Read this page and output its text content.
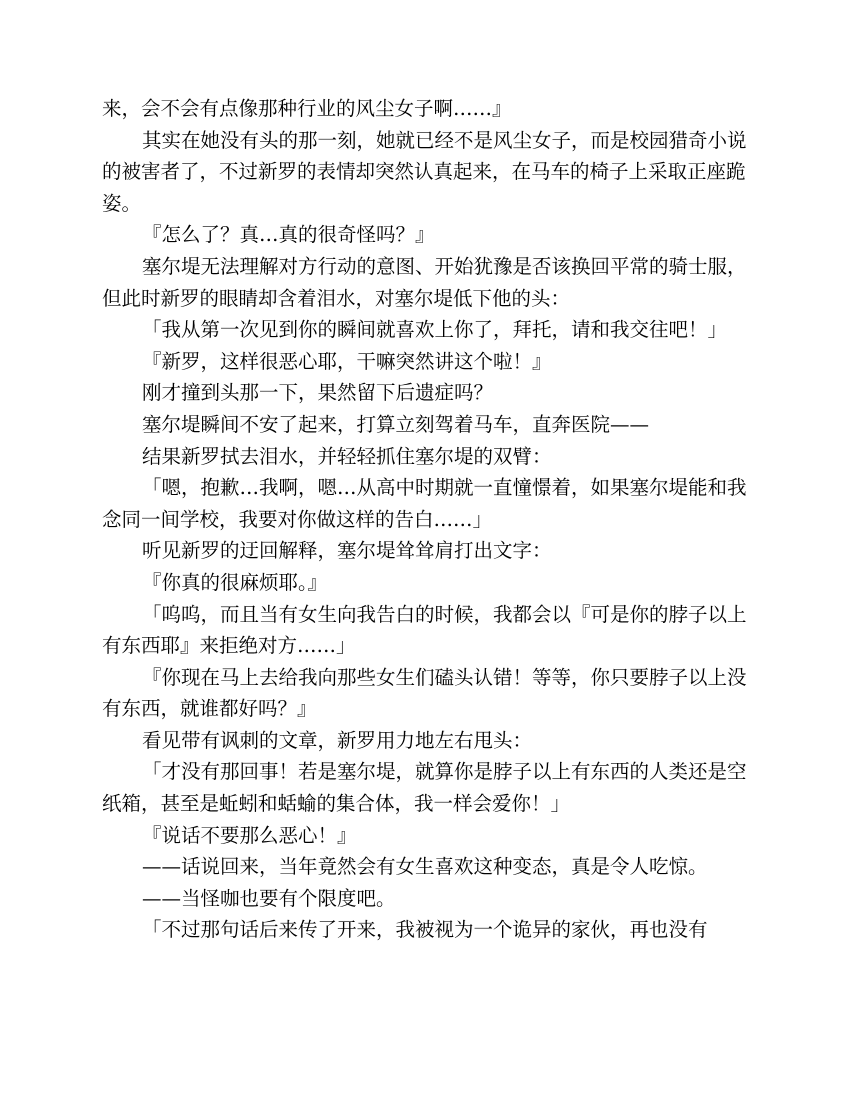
来，会不会有点像那种行业的风尘女子啊……』

其实在她没有头的那一刻，她就已经不是风尘女子，而是校园猎奇小说的被害者了，不过新罗的表情却突然认真起来，在马车的椅子上采取正座跪姿。

『怎么了？真…真的很奇怪吗？』

塞尔堤无法理解对方行动的意图、开始犹豫是否该换回平常的骑士服，但此时新罗的眼睛却含着泪水，对塞尔堤低下他的头：

「我从第一次见到你的瞬间就喜欢上你了，拜托，请和我交往吧！」

『新罗，这样很恶心耶，干嘛突然讲这个啦！』

刚才撞到头那一下，果然留下后遗症吗？

塞尔堤瞬间不安了起来，打算立刻驾着马车，直奔医院——

结果新罗拭去泪水，并轻轻抓住塞尔堤的双臂：

「嗯，抱歉…我啊，嗯…从高中时期就一直憧憬着，如果塞尔堤能和我念同一间学校，我要对你做这样的告白……」

听见新罗的迂回解释，塞尔堤耸耸肩打出文字：

『你真的很麻烦耶。』

「呜呜，而且当有女生向我告白的时候，我都会以『可是你的脖子以上有东西耶』来拒绝对方……」

『你现在马上去给我向那些女生们磕头认错！等等，你只要脖子以上没有东西，就谁都好吗？』

看见带有讽刺的文章，新罗用力地左右甩头：

「才没有那回事！若是塞尔堤，就算你是脖子以上有东西的人类还是空纸箱，甚至是蚯蚓和蛞蝓的集合体，我一样会爱你！」

『说话不要那么恶心！』

——话说回来，当年竟然会有女生喜欢这种变态，真是令人吃惊。

——当怪咖也要有个限度吧。

「不过那句话后来传了开来，我被视为一个诡异的家伙，再也没有
